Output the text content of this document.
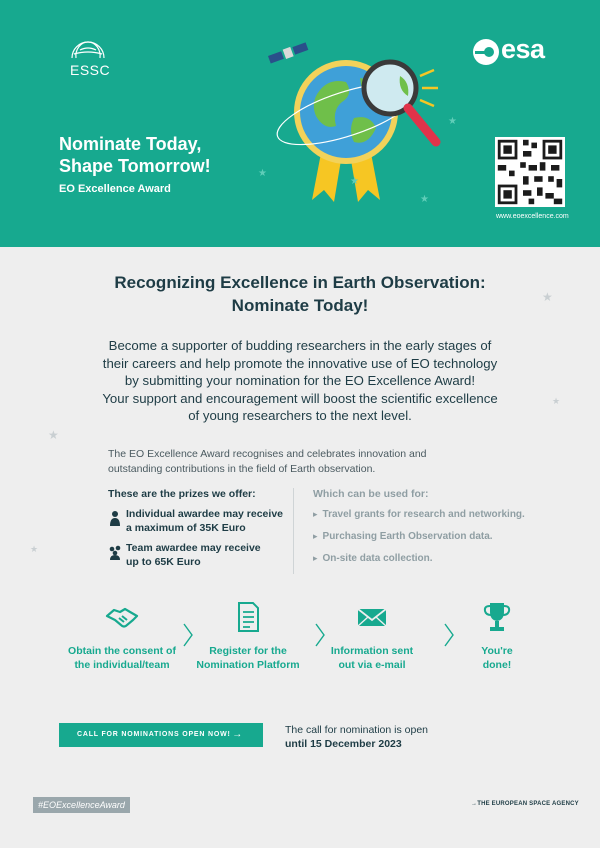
ESSC
esa
Nominate Today,
Shape Tomorrow!
EO Excellence Award
www.eoexcellence.com
★
★
★
★
★
★
★
★
Recognizing Excellence in Earth Observation:
Nominate Today!
Become a supporter of budding researchers in the early stages of
their careers and help promote the innovative use of EO technology
by submitting your nomination for the EO Excellence Award!
Your support and encouragement will boost the scientific excellence
of young researchers to the next level.
The EO Excellence Award recognises and celebrates innovation and
outstanding contributions in the field of Earth observation.
These are the prizes we offer:
Individual awardee may receive
a maximum of 35K Euro
Team awardee may receive
up to 65K Euro
Which can be used for:
▸ Travel grants for research and networking.
▸ Purchasing Earth Observation data.
▸ On-site data collection.
Obtain the consent of
the individual/team
Register for the
Nomination Platform
Information sent
out via e-mail
You're
done!
CALL FOR NOMINATIONS OPEN NOW! →	The call for nomination is open
until 15 December 2023
#EOExcellenceAward	→THE EUROPEAN SPACE AGENCY
